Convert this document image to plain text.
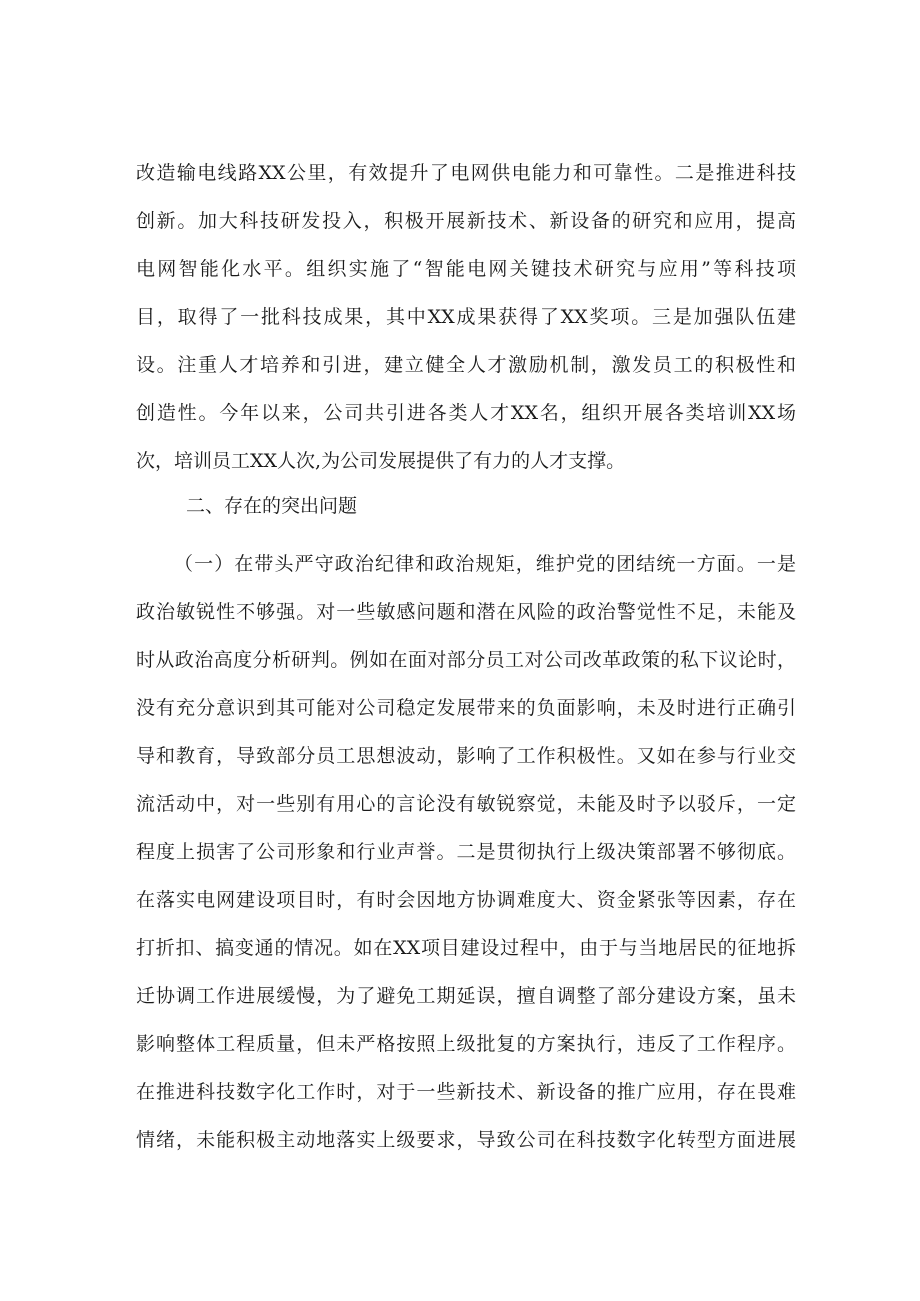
改造输电线路XX公里，有效提升了电网供电能力和可靠性。二是推进科技
创新。加大科技研发投入，积极开展新技术、新设备的研究和应用，提高
电网智能化水平。组织实施了“智能电网关键技术研究与应用”等科技项
目，取得了一批科技成果，其中XX成果获得了XX奖项。三是加强队伍建
设。注重人才培养和引进，建立健全人才激励机制，激发员工的积极性和
创造性。今年以来，公司共引进各类人才XX名，组织开展各类培训XX场
次，培训员工XX人次,为公司发展提供了有力的人才支撑。
二、存在的突出问题
（一）在带头严守政治纪律和政治规矩，维护党的团结统一方面。一是
政治敏锐性不够强。对一些敏感问题和潜在风险的政治警觉性不足，未能及
时从政治高度分析研判。例如在面对部分员工对公司改革政策的私下议论时，
没有充分意识到其可能对公司稳定发展带来的负面影响，未及时进行正确引
导和教育，导致部分员工思想波动，影响了工作积极性。又如在参与行业交
流活动中，对一些别有用心的言论没有敏锐察觉，未能及时予以驳斥，一定
程度上损害了公司形象和行业声誉。二是贯彻执行上级决策部署不够彻底。
在落实电网建设项目时，有时会因地方协调难度大、资金紧张等因素，存在
打折扣、搞变通的情况。如在XX项目建设过程中，由于与当地居民的征地拆
迁协调工作进展缓慢，为了避免工期延误，擅自调整了部分建设方案，虽未
影响整体工程质量，但未严格按照上级批复的方案执行，违反了工作程序。
在推进科技数字化工作时，对于一些新技术、新设备的推广应用，存在畏难
情绪，未能积极主动地落实上级要求，导致公司在科技数字化转型方面进展
